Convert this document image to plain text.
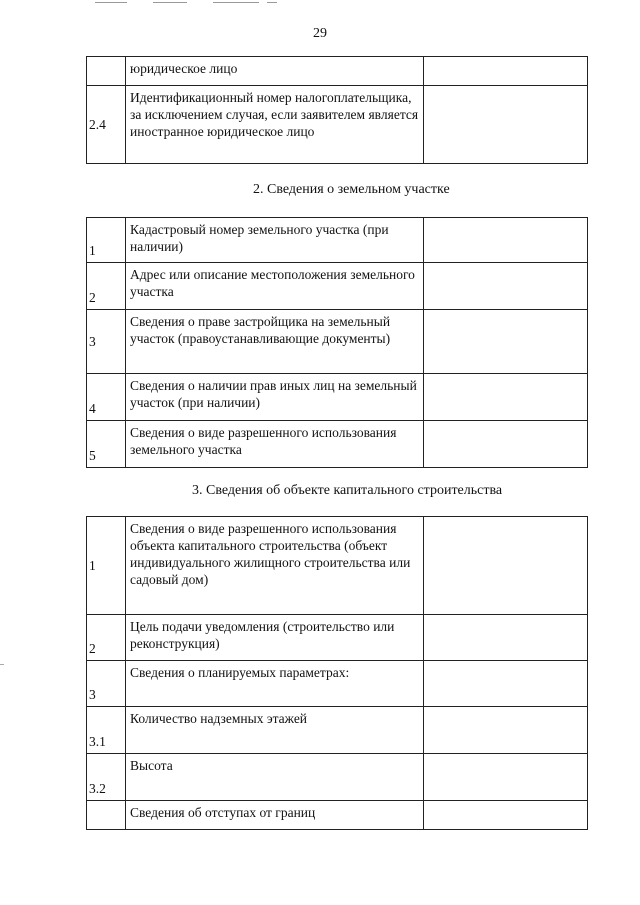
29
	юридическое лицо	
2.4	Идентификационный номер налогоплательщика, за исключением случая, если заявителем является иностранное юридическое лицо	
2. Сведения о земельном участке
1	Кадастровый номер земельного участка (при наличии)	
2	Адрес или описание местоположения земельного участка	
3	Сведения о праве застройщика на земельный участок (правоустанавливающие документы)	
4	Сведения о наличии прав иных лиц на земельный участок (при наличии)	
5	Сведения о виде разрешенного использования земельного участка	
3. Сведения об объекте капитального строительства
1	Сведения о виде разрешенного использования объекта капитального строительства (объект индивидуального жилищного строительства или садовый дом)	
2	Цель подачи уведомления (строительство или реконструкция)	
3	Сведения о планируемых параметрах:	
3.1	Количество надземных этажей	
3.2	Высота	
	Сведения об отступах от границ	
